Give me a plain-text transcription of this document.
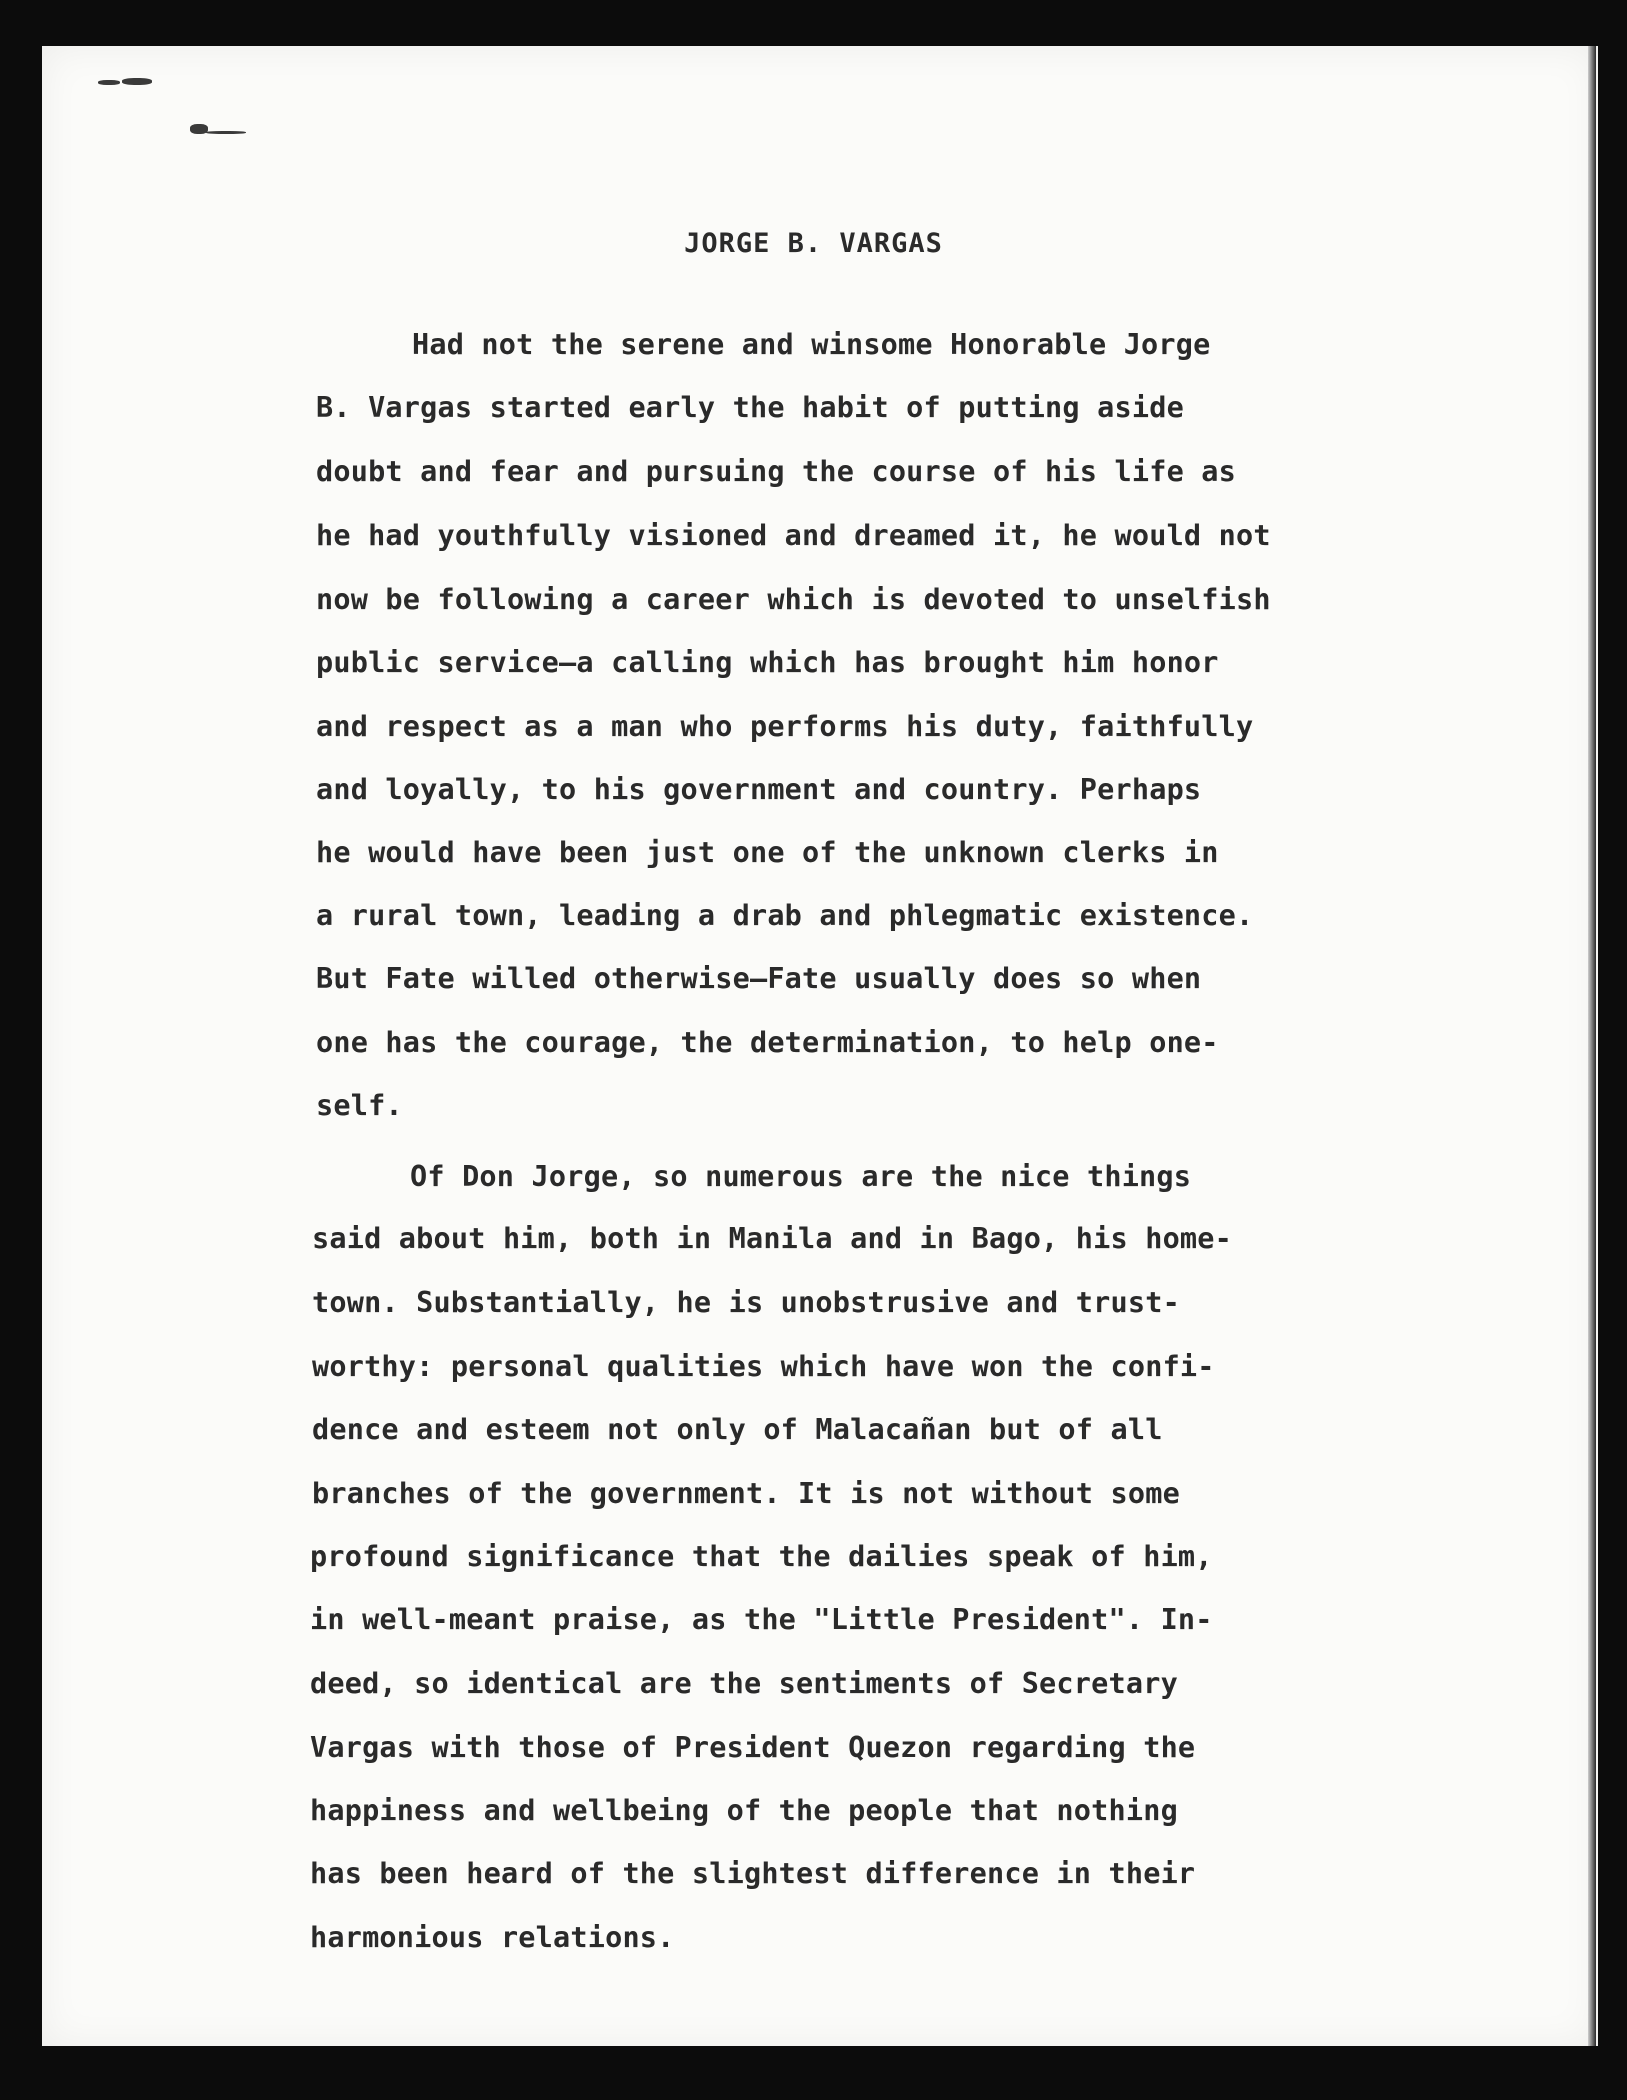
JORGE B. VARGAS
Had not the serene and winsome Honorable Jorge
B. Vargas started early the habit of putting aside
doubt and fear and pursuing the course of his life as
he had youthfully visioned and dreamed it, he would not
now be following a career which is devoted to unselfish
public service—a calling which has brought him honor
and respect as a man who performs his duty, faithfully
and loyally, to his government and country. Perhaps
he would have been just one of the unknown clerks in
a rural town, leading a drab and phlegmatic existence.
But Fate willed otherwise—Fate usually does so when
one has the courage, the determination, to help one-
self.
Of Don Jorge, so numerous are the nice things
said about him, both in Manila and in Bago, his home-
town. Substantially, he is unobstrusive and trust-
worthy: personal qualities which have won the confi-
dence and esteem not only of Malacañan but of all
branches of the government. It is not without some
profound significance that the dailies speak of him,
in well-meant praise, as the "Little President". In-
deed, so identical are the sentiments of Secretary
Vargas with those of President Quezon regarding the
happiness and wellbeing of the people that nothing
has been heard of the slightest difference in their
harmonious relations.
